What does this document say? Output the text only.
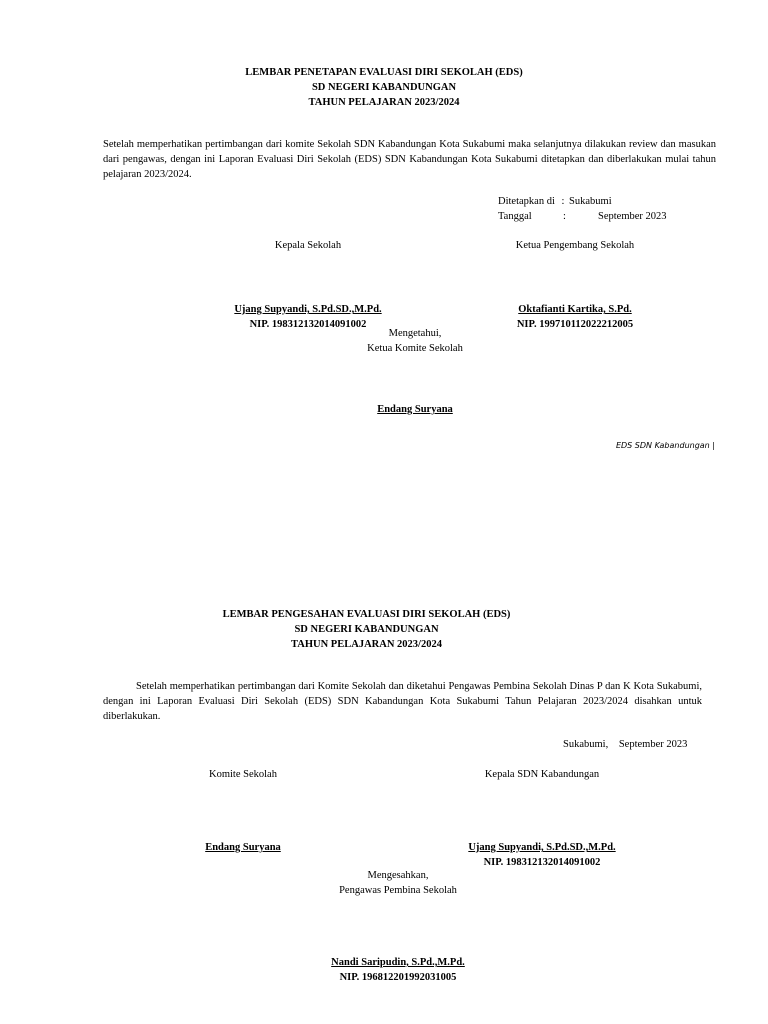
LEMBAR PENETAPAN EVALUASI DIRI SEKOLAH (EDS)
SD NEGERI KABANDUNGAN
TAHUN PELAJARAN 2023/2024
Setelah memperhatikan pertimbangan dari komite Sekolah SDN Kabandungan Kota Sukabumi maka selanjutnya dilakukan review dan masukan dari pengawas, dengan ini Laporan Evaluasi Diri Sekolah (EDS) SDN Kabandungan Kota Sukabumi ditetapkan dan diberlakukan mulai tahun pelajaran 2023/2024.
Ditetapkan di : Sukabumi
Tanggal	:	September 2023
Kepala Sekolah	Ketua Pengembang Sekolah
Ujang Supyandi, S.Pd.SD.,M.Pd.
NIP. 198312132014091002
Oktafianti Kartika, S.Pd.
NIP. 199710112022212005
Mengetahui,
Ketua Komite Sekolah
Endang Suryana
EDS SDN Kabandungan |
LEMBAR PENGESAHAN EVALUASI DIRI SEKOLAH (EDS)
SD NEGERI KABANDUNGAN
TAHUN PELAJARAN 2023/2024
Setelah memperhatikan pertimbangan dari Komite Sekolah dan diketahui Pengawas Pembina Sekolah Dinas P dan K Kota Sukabumi, dengan ini Laporan Evaluasi Diri Sekolah (EDS) SDN Kabandungan Kota Sukabumi Tahun Pelajaran 2023/2024 disahkan untuk diberlakukan.
Sukabumi, September 2023
Komite Sekolah	Kepala SDN Kabandungan
Endang Suryana	Ujang Supyandi, S.Pd.SD.,M.Pd.
NIP. 198312132014091002
Mengesahkan,
Pengawas Pembina Sekolah
Nandi Saripudin, S.Pd.,M.Pd.
NIP. 196812201992031005
